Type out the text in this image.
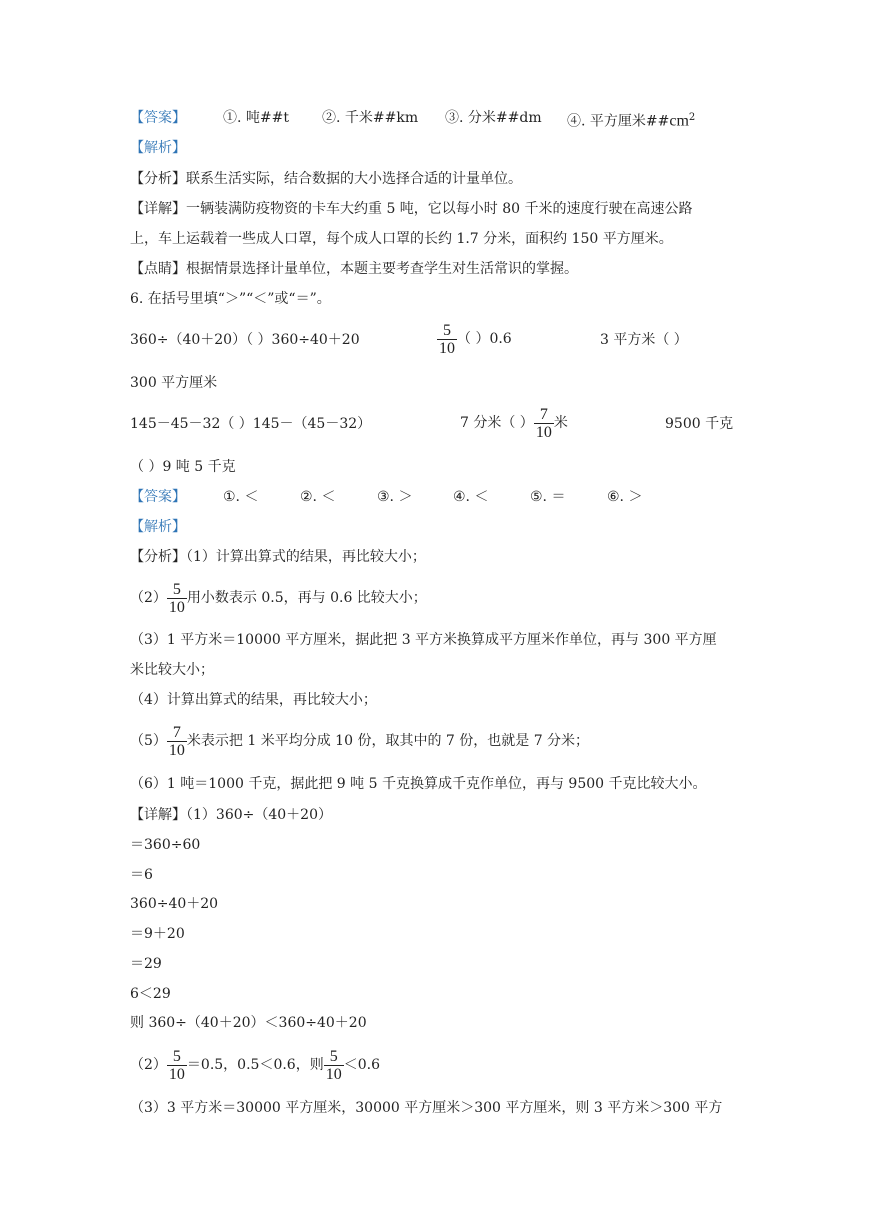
【答案】	①. 吨##t ②. 千米##km ③. 分米##dm ④. 平方厘米$\#\#cm^2$
【解析】
【分析】联系生活实际，结合数据的大小选择合适的计量单位。
【详解】一辆装满防疫物资的卡车大约重 5 吨，它以每小时 80 千米的速度行驶在高速公路
上，车上运载着一些成人口罩，每个成人口罩的长约 1.7 分米，面积约 150 平方厘米。
【点睛】根据情景选择计量单位，本题主要考查学生对生活常识的掌握。
6. 在括号里填“＞”“＜”或“＝”。
360÷（40＋20）（ ）360÷40＋20	$\frac{5}{10}$ （ ）0.6	3 平方米（ ）
300 平方厘米
145－45－32（ ）145－（45－32）	7 分米（ ） $\frac{7}{10}$ 米	9500 千克
（ ）9 吨 5 千克
【答案】	①. ＜	②. ＜	③. ＞	④. ＜	⑤. ＝	⑥. ＞
【解析】
【分析】（1）计算出算式的结果，再比较大小；
$(2) \frac{5}{10}$ 用小数表示 0.5，再与 0.6 比较大小；
（3）1 平方米＝10000 平方厘米，据此把 3 平方米换算成平方厘米作单位，再与 300 平方厘
米比较大小；
（4）计算出算式的结果，再比较大小；
$(5) \frac{7}{10}$ 米表示把 1 米平均分成 10 份，取其中的 7 份，也就是 7 分米；
（6）1 吨＝1000 千克，据此把 9 吨 5 千克换算成千克作单位，再与 9500 千克比较大小。
【详解】（1）360÷（40＋20）
＝360÷60
＝6
360÷40＋20
＝9＋20
＝29
6＜29
则 360÷（40＋20）＜360÷40＋20
$(2) \frac{5}{10} =0.5$，0.5＜0.6，则 $\frac{5}{10} <0.6$
（3）3 平方米＝30000 平方厘米，30000 平方厘米＞300 平方厘米，则 3 平方米＞300 平方
